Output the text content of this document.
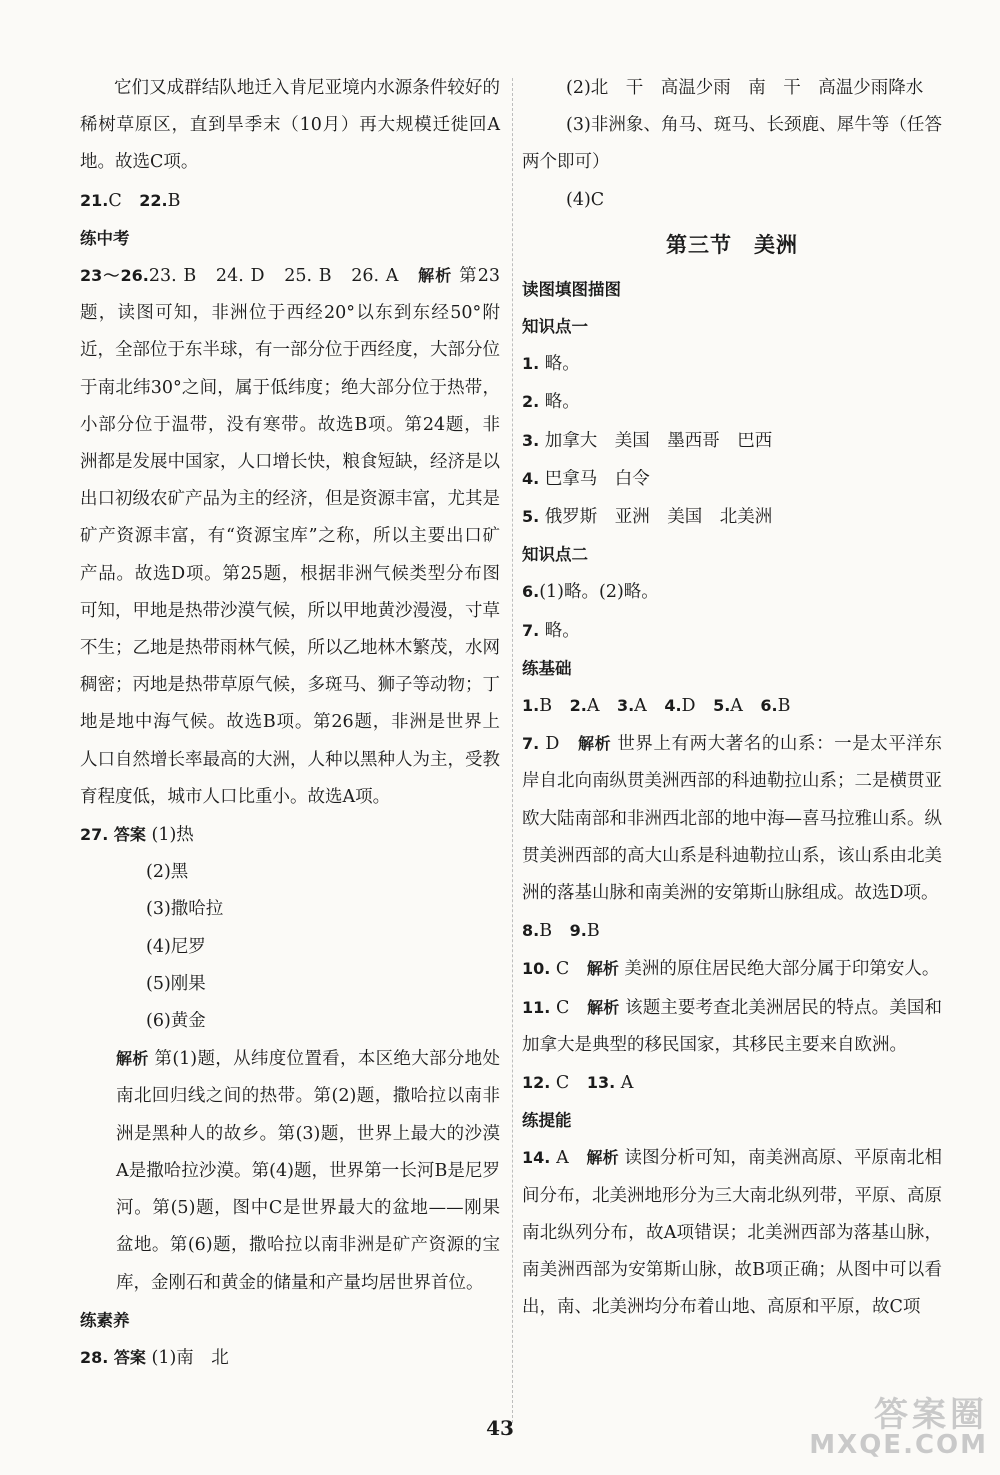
它们又成群结队地迁入肯尼亚境内水源条件较好的稀树草原区，直到旱季末（10月）再大规模迁徙回A地。故选C项。

21.C　 22.B

练中考

23～26.23. B　24. D　25. B　26. A　 解析 第23题，读图可知，非洲位于西经20°以东到东经50°附近，全部位于东半球，有一部分位于西经度，大部分位于南北纬30°之间，属于低纬度；绝大部分位于热带，小部分位于温带，没有寒带。故选B项。第24题，非洲都是发展中国家，人口增长快，粮食短缺，经济是以出口初级农矿产品为主的经济，但是资源丰富，尤其是矿产资源丰富，有“资源宝库”之称，所以主要出口矿产品。故选D项。第25题，根据非洲气候类型分布图可知，甲地是热带沙漠气候，所以甲地黄沙漫漫，寸草不生；乙地是热带雨林气候，所以乙地林木繁茂，水网稠密；丙地是热带草原气候，多斑马、狮子等动物；丁地是地中海气候。故选B项。第26题，非洲是世界上人口自然增长率最高的大洲，人种以黑种人为主，受教育程度低，城市人口比重小。故选A项。

27. 答案 (1)热

(2)黑

(3)撒哈拉

(4)尼罗

(5)刚果

(6)黄金

解析 第(1)题，从纬度位置看，本区绝大部分地处南北回归线之间的热带。第(2)题，撒哈拉以南非洲是黑种人的故乡。第(3)题，世界上最大的沙漠A是撒哈拉沙漠。第(4)题，世界第一长河B是尼罗河。第(5)题，图中C是世界最大的盆地——刚果盆地。第(6)题，撒哈拉以南非洲是矿产资源的宝库，金刚石和黄金的储量和产量均居世界首位。

练素养

28. 答案 (1)南　北

(2)北　干　高温少雨　南　干　高温少雨降水

(3)非洲象、角马、斑马、长颈鹿、犀牛等（任答两个即可）

(4)C

第三节　美洲

读图填图描图

知识点一

1. 略。

2. 略。

3. 加拿大　美国　墨西哥　巴西

4. 巴拿马　白令

5. 俄罗斯　亚洲　美国　北美洲

知识点二

6.(1)略。(2)略。

7. 略。

练基础

1.B　 2.A　 3.A　 4.D　 5.A　 6.B

7. D　 解析 世界上有两大著名的山系：一是太平洋东岸自北向南纵贯美洲西部的科迪勒拉山系；二是横贯亚欧大陆南部和非洲西北部的地中海—喜马拉雅山系。纵贯美洲西部的高大山系是科迪勒拉山系，该山系由北美洲的落基山脉和南美洲的安第斯山脉组成。故选D项。

8.B　 9.B

10. C　 解析 美洲的原住居民绝大部分属于印第安人。

11. C　 解析 该题主要考查北美洲居民的特点。美国和加拿大是典型的移民国家，其移民主要来自欧洲。

12. C　 13. A

练提能

14. A　 解析 读图分析可知，南美洲高原、平原南北相间分布，北美洲地形分为三大南北纵列带，平原、高原南北纵列分布，故A项错误；北美洲西部为落基山脉，南美洲西部为安第斯山脉，故B项正确；从图中可以看出，南、北美洲均分布着山地、高原和平原，故C项

43	答案圈
MXQE.COM
